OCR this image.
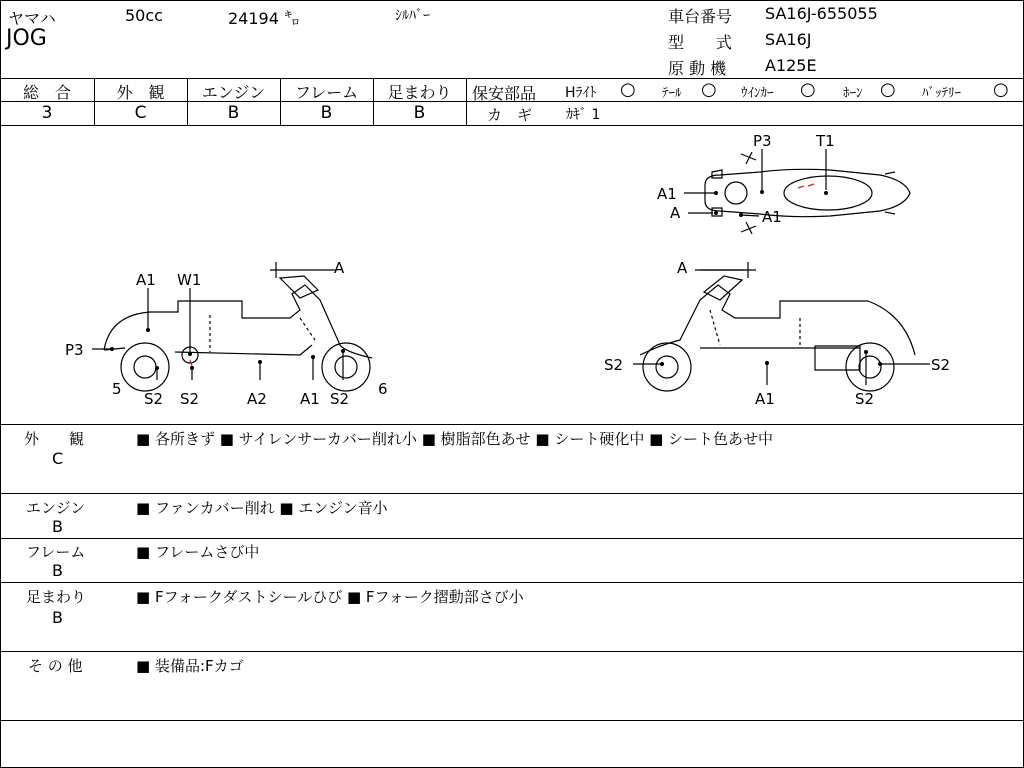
ヤマハ
JOG
50cc	24194 ㌔	ｼﾙﾊﾞｰ	車台番号 SA16J-655055
型　　式 SA16J
原 動 機 A125E
総　合
3
外　観
C
エンジン
B
フレーム
B
足まわり
B
保安部品 Hﾗｲﾄ ○ ﾃｰﾙ ○ ｳｲﾝｶｰ ○ ﾎｰﾝ ○ ﾊﾞｯﾃﾘｰ ○
カ　ギ ｶｷﾞ 1
P3	T1
A1
A	A1
A
A1 W1
P3
5
S2 S2	A2 A1 S2
6
A
S2	S2
A1	S2
外　　観
C
■ 各所きず ■ サイレンサーカバー削れ小 ■ 樹脂部色あせ ■ シート硬化中 ■ シート色あせ中
エンジン
B
■ ファンカバー削れ ■ エンジン音小
フレーム
B
■ フレームさび中
足まわり
B
■ Fフォークダストシールひび ■ Fフォーク摺動部さび小
そ の 他	■ 装備品:Fカゴ
